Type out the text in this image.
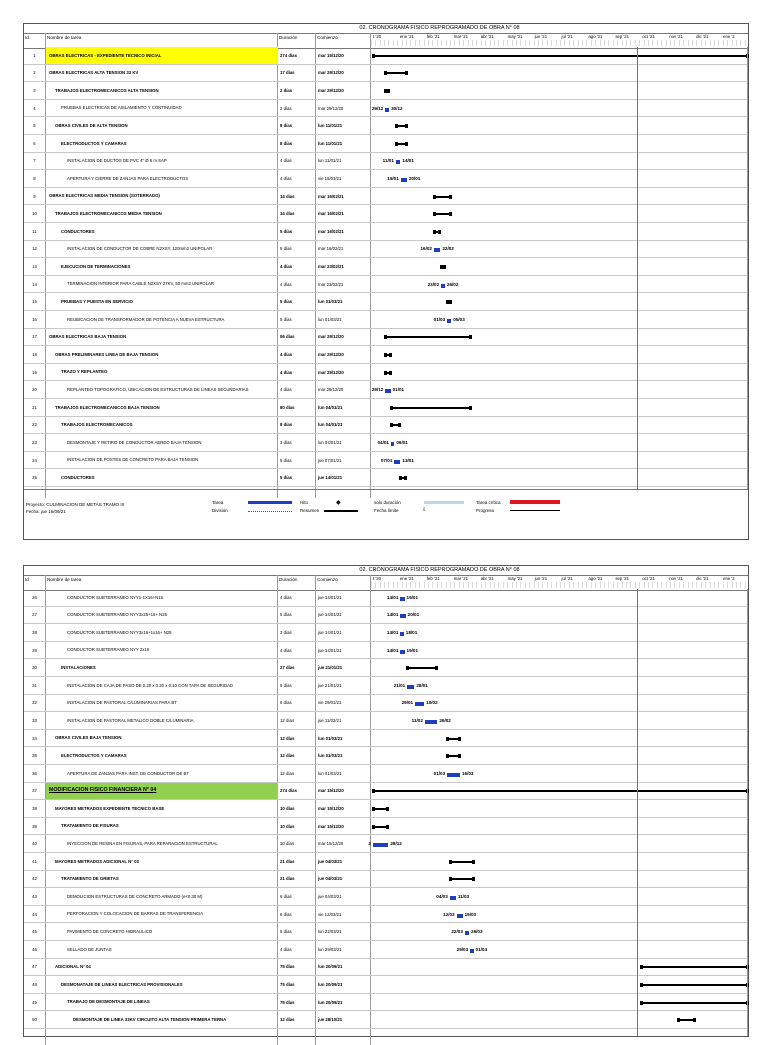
02. CRONOGRAMA FISICO REPROGRAMADO DE OBRA N° 08
Id	Nombre de tarea	Duración	Comienzo	t '20	ene '21	feb '21	mar '21	abr '21	may '21	jun '21	jul '21	ago '21	sep '21	oct '21	nov '21	dic '21	ene '2
1	OBRAS ELECTRICAS - EXPEDIENTE TECNICO INICIAL	274 días	mar 15/12/20
2	OBRAS ELECTRICAS ALTA TENSION 33 KV	17 días	mar 29/12/20
3	TRABAJOS ELECTROMECANICOS ALTA TENSION	2 días	mar 29/12/20
4	PRUEBAS ELECTRICAS DE AISLAMIENTO Y CONTINUIDAD	2 días	mar 29/12/20	29/12 30/12
5	OBRAS CIVILES DE ALTA TENSION	8 días	lun 11/01/21
6	ELECTRODUCTOS Y CAMARAS	8 días	lun 11/01/21
7	INSTALACION DE DUCTOS DE PVC 4" Ø 6 m SAP	4 días	lun 11/01/21	11/01 14/01
8	APERTURA Y CIERRE DE ZANJAS PARA ELECTRODUCTOS	4 días	vie 15/01/21	15/01 20/01
9	OBRAS ELECTRICAS MEDIA TENSION (SOTERRADO)	14 días	mar 16/02/21
10	TRABAJOS ELECTROMECANICOS MEDIA TENSION	14 días	mar 16/02/21
11	CONDUCTORES	5 días	mar 16/02/21
12	INSTALACION DE CONDUCTOR DE COBRE N2XSY, 120mm2 UNIPOLAR	5 días	mar 16/02/21	16/02 22/02
13	EJECUCION DE TERMINACIONES	4 días	mar 23/02/21
14	TERMINACION INTERIOR PARA CABLE N2XSY 27KV, 50 mm2 UNIPOLAR	4 días	mar 23/02/21	23/02 26/02
15	PRUEBAS Y PUESTA EN SERVICIO	5 días	lun 01/03/21
16	REUBICACION DE TRANSFORMADOR DE POTENCIA A NUEVA ESTRUCTURA	5 días	lun 01/03/21	01/03 05/03
17	OBRAS ELECTRICAS BAJA TENSION	56 días	mar 29/12/20
18	OBRAS PRELIMINARES LINEA DE BAJA TENSION	4 días	mar 29/12/20
19	TRAZO Y REPLANTEO	4 días	mar 29/12/20
20	REPLANTEO TOPOGRAFICO, UBICACION DE ESTRUCTURAS DE LINEAS SECUNDARIAS	4 días	mar 29/12/20	29/12 01/01
21	TRABAJOS ELECTROMECANICOS BAJA TENSION	80 días	lun 04/01/21
22	TRABAJOS ELECTROMECANICOS	8 días	lun 04/01/21
23	DESMONTAJE Y RETIRO DE CONDUCTOR AEREO BAJA TENSION	3 días	lun 04/01/21	04/01 06/01
24	INSTALACION DE POSTES DE CONCRETO PARA BAJA TENSION	5 días	jue 07/01/21	07/01 13/01
25	CONDUCTORES	5 días	jue 14/01/21
Proyecto: CULMINACION DE METAS TRAMO III
Fecha: jue 16/09/21
Tarea
División
Hito	◆
Resumen
solo duración
Fecha límite	⇩
Tarea crítica
Progreso
02. CRONOGRAMA FISICO REPROGRAMADO DE OBRA N° 08
Id	Nombre de tarea	Duración	Comienzo	t '20	ene '21	feb '21	mar '21	abr '21	may '21	jun '21	jul '21	ago '21	sep '21	oct '21	nov '21	dic '21	ene '2
26	CONDUCTOR SUBTERRANEO NYY1-1X16+N16	4 días	jue 14/01/21	14/01 19/01
27	CONDUCTOR SUBTERRANEO NYY3x25+16+ N25	5 días	jue 14/01/21	14/01 20/01
28	CONDUCTOR SUBTERRANEO NYY3x16+1x16+ N25	3 días	jue 14/01/21	14/01 18/01
29	CONDUCTOR SUBTERRANEO NYY 2x16	4 días	jue 14/01/21	14/01 19/01
30	INSTALACIONES	27 días	jue 21/01/21
31	INSTALACION DE CAJA DE PASO DE 0.20 x 0.20 x 0.10 CON TAPA DE SEGURIDAD	5 días	jue 21/01/21	21/01 28/01
32	INSTALACION DE PASTORAL C/LUMINARIAS PARA BT	9 días	vie 29/01/21	29/01	10/02
33	INSTALACION DE PASTORAL METALICO DOBLE C/LUMINARIA	12 días	jue 11/02/21	11/02	26/02
34	OBRAS CIVILES BAJA TENSION	12 días	lun 01/03/21
35	ELECTRODUCTOS Y CAMARAS	12 días	lun 01/03/21
36	APERTURA DE ZANJAS PARA INST. DE CONDUCTOR DE BT	12 días	lun 01/03/21	01/03	16/03
37	MODIFICACION FISICO FINANCIERA N° 04	274 días	mar 15/12/20
38	MAYORES METRADOS EXPEDIENTE TECNICO BASE	10 días	mar 15/12/20
39	TRATAMIENTO DE FISURAS	10 días	mar 15/12/20
40	INYECCION DE RESINA EN FISURAS, PARA REPARACION ESTRUCTURAL	10 días	mar 15/12/20	2	28/12
41	MAYORES METRADOS ADICIONAL N° 03	21 días	jue 04/03/21
42	TRATAMIENTO DE GRIETAS	21 días	jue 04/03/21
43	DEMOLICION ESTRUCTURAS DE CONCRETO ARMADO (e<0.30 M)	6 días	jue 04/03/21	04/03 11/03
44	PERFORACION Y COLOCACION DE BARRAS DE TRANSFERENCIA	6 días	vie 12/03/21	12/03 19/03
45	PAVIMENTO DE CONCRETO HIDRAULICO	5 días	lun 22/03/21	22/03 26/03
46	SELLADO DE JUNTAS	4 días	lun 29/03/21	29/03 01/04
47	ADICIONAL N° 04	75 días	lun 20/09/21
48	DESMONATAJE DE LINEAS ELECTRICAS PROVISIONALES	75 días	lun 20/09/21
49	TRABAJO DE DESMONTAJE DE LINEAS	75 días	lun 20/09/21
50	DESMONTAJE DE LINEA 33KV CIRCUITO ALTA TENSION PRIMERA TERNA	12 días	jue 28/10/21
